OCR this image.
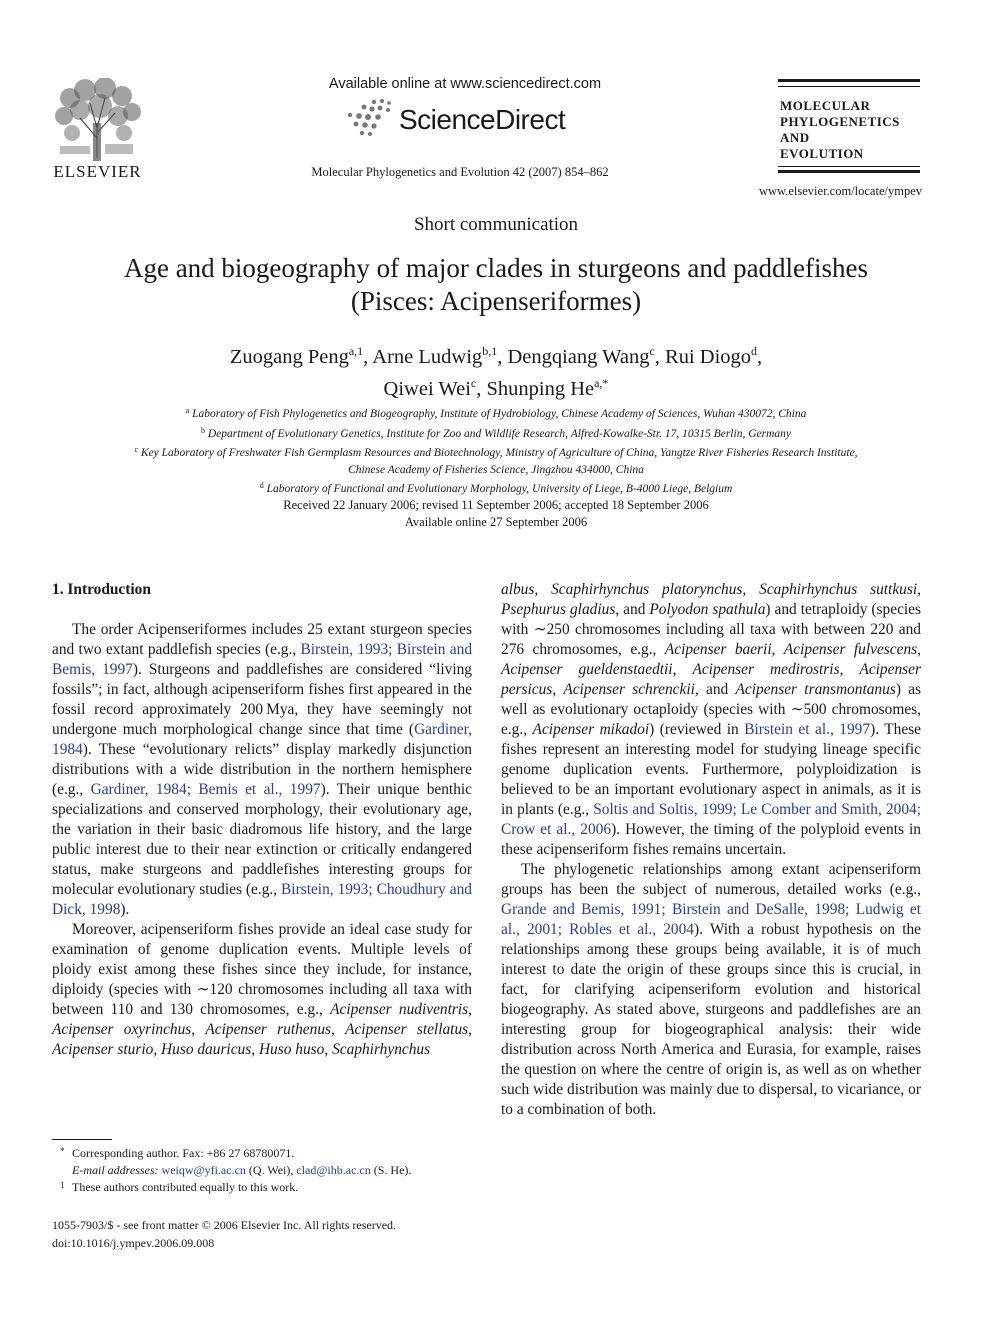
ELSEVIER
Available online at www.sciencedirect.com
ScienceDirect
Molecular Phylogenetics and Evolution 42 (2007) 854–862
MOLECULAR
PHYLOGENETICS
AND
EVOLUTION
www.elsevier.com/locate/ympev
Short communication
Age and biogeography of major clades in sturgeons and paddlefishes
(Pisces: Acipenseriformes)
Zuogang Peng$^{a,1}$, Arne Ludwig$^{b,1}$, Dengqiang Wang$^c$, Rui Diogo$^d$,
Qiwei Wei$^c$, Shunping $He^{a,*}$
$^a$ Laboratory of Fish Phylogenetics and Biogeography, Institute of Hydrobiology, Chinese Academy of Sciences, Wuhan 430072, China
$^b$ Department of Evolutionary Genetics, Institute for Zoo and Wildlife Research, Alfred-Kowalke-Str. 17, 10315 Berlin, Germany
$^c$ Key Laboratory of Freshwater Fish Germplasm Resources and Biotechnology, Ministry of Agriculture of China, Yangtze River Fisheries Research Institute,
Chinese Academy of Fisheries Science, Jingzhou 434000, China
$^d$ Laboratory of Functional and Evolutionary Morphology, University of Liege, B-4000 Liege, Belgium
Received 22 January 2006; revised 11 September 2006; accepted 18 September 2006
Available online 27 September 2006
1. Introduction

The order Acipenseriformes includes 25 extant sturgeon species and two extant paddlefish species (e.g., Birstein, 1993; Birstein and Bemis, 1997). Sturgeons and paddlefishes are considered “living fossils”; in fact, although acipenseriform fishes first appeared in the fossil record approximately 200 Mya, they have seemingly not undergone much morphological change since that time (Gardiner, 1984). These “evolutionary relicts” display markedly disjunction distributions with a wide distribution in the northern hemisphere (e.g., Gardiner, 1984; Bemis et al., 1997). Their unique benthic specializations and conserved morphology, their evolutionary age, the variation in their basic diadromous life history, and the large public interest due to their near extinction or critically endangered status, make sturgeons and paddlefishes interesting groups for molecular evolutionary studies (e.g., Birstein, 1993; Choudhury and Dick, 1998).

Moreover, acipenseriform fishes provide an ideal case study for examination of genome duplication events. Multiple levels of ploidy exist among these fishes since they include, for instance, diploidy (species with ∼120 chromosomes including all taxa with between 110 and 130 chromosomes, e.g., Acipenser nudiventris, Acipenser oxyrinchus, Acipenser ruthenus, Acipenser stellatus, Acipenser sturio, Huso dauricus, Huso huso, Scaphirhynchus

albus, Scaphirhynchus platorynchus, Scaphirhynchus suttkusi, Psephurus gladius, and Polyodon spathula) and tetraploidy (species with ∼250 chromosomes including all taxa with between 220 and 276 chromosomes, e.g., Acipenser baerii, Acipenser fulvescens, Acipenser gueldenstaedtii, Acipenser medirostris, Acipenser persicus, Acipenser schrenckii, and Acipenser transmontanus) as well as evolutionary octaploidy (species with ∼500 chromosomes, e.g., Acipenser mikadoi) (reviewed in Birstein et al., 1997). These fishes represent an interesting model for studying lineage specific genome duplication events. Furthermore, polyploidization is believed to be an important evolutionary aspect in animals, as it is in plants (e.g., Soltis and Soltis, 1999; Le Comber and Smith, 2004; Crow et al., 2006). However, the timing of the polyploid events in these acipenseriform fishes remains uncertain.

The phylogenetic relationships among extant acipenseriform groups has been the subject of numerous, detailed works (e.g., Grande and Bemis, 1991; Birstein and DeSalle, 1998; Ludwig et al., 2001; Robles et al., 2004). With a robust hypothesis on the relationships among these groups being available, it is of much interest to date the origin of these groups since this is crucial, in fact, for clarifying acipenseriform evolution and historical biogeography. As stated above, sturgeons and paddlefishes are an interesting group for biogeographical analysis: their wide distribution across North America and Eurasia, for example, raises the question on where the centre of origin is, as well as on whether such wide distribution was mainly due to dispersal, to vicariance, or to a combination of both.

* Corresponding author. Fax: +86 27 68780071.
E-mail addresses: weiqw@yfi.ac.cn (Q. Wei), clad@ihb.ac.cn (S. He).
1 These authors contributed equally to this work.
1055-7903/$ - see front matter © 2006 Elsevier Inc. All rights reserved.
doi:10.1016/j.ympev.2006.09.008
